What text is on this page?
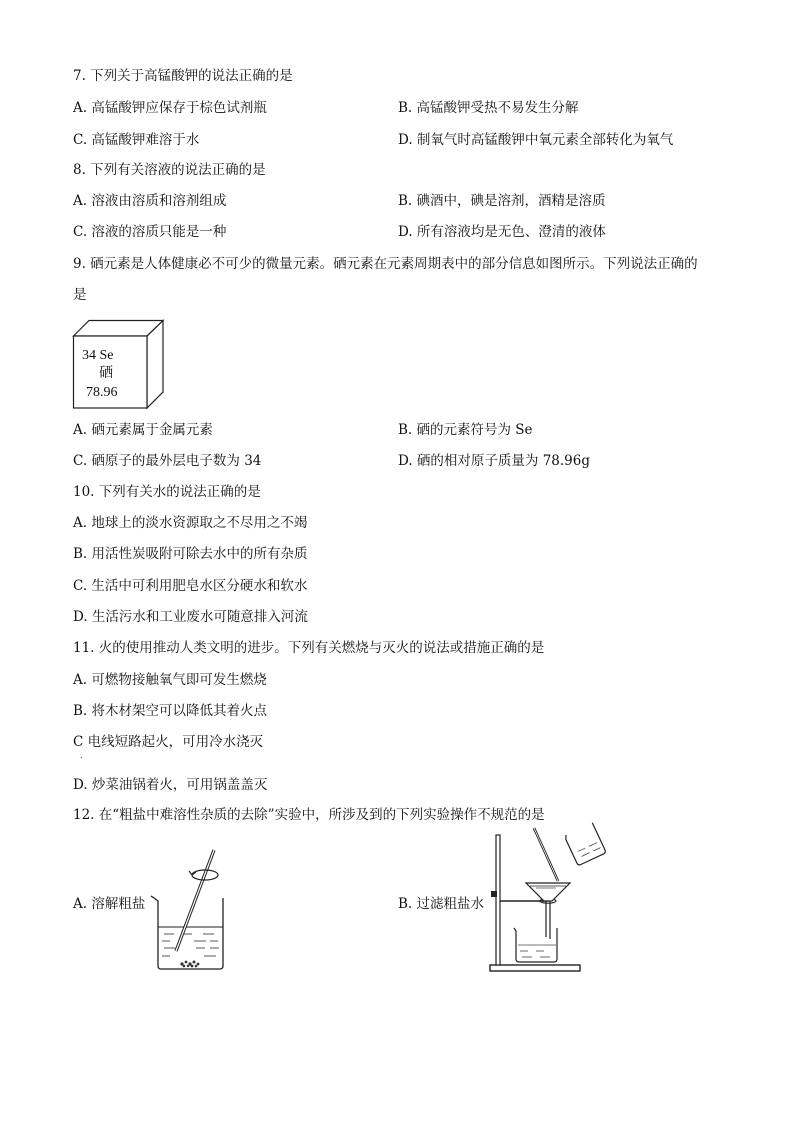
7. 下列关于高锰酸钾的说法正确的是
A. 高锰酸钾应保存于棕色试剂瓶	B. 高锰酸钾受热不易发生分解
C. 高锰酸钾难溶于水	D. 制氧气时高锰酸钾中氧元素全部转化为氧气
8. 下列有关溶液的说法正确的是
A. 溶液由溶质和溶剂组成	B. 碘酒中，碘是溶剂，酒精是溶质
C. 溶液的溶质只能是一种	D. 所有溶液均是无色、澄清的液体
9. 硒元素是人体健康必不可少的微量元素。硒元素在元素周期表中的部分信息如图所示。下列说法正确的
是
34 Se
硒
78.96
A. 硒元素属于金属元素	B. 硒的元素符号为 Se
C. 硒原子的最外层电子数为 34	D. 硒的相对原子质量为 78.96g
10. 下列有关水的说法正确的是
A. 地球上的淡水资源取之不尽用之不竭
B. 用活性炭吸附可除去水中的所有杂质
C. 生活中可利用肥皂水区分硬水和软水
D. 生活污水和工业废水可随意排入河流
11. 火的使用推动人类文明的进步。下列有关燃烧与灭火的说法或措施正确的是
A. 可燃物接触氧气即可发生燃烧
B. 将木材架空可以降低其着火点
C 电线短路起火，可用冷水浇灭
.
D. 炒菜油锅着火，可用锅盖盖灭
12. 在“粗盐中难溶性杂质的去除”实验中，所涉及到的下列实验操作不规范的是
A. 溶解粗盐	B. 过滤粗盐水
